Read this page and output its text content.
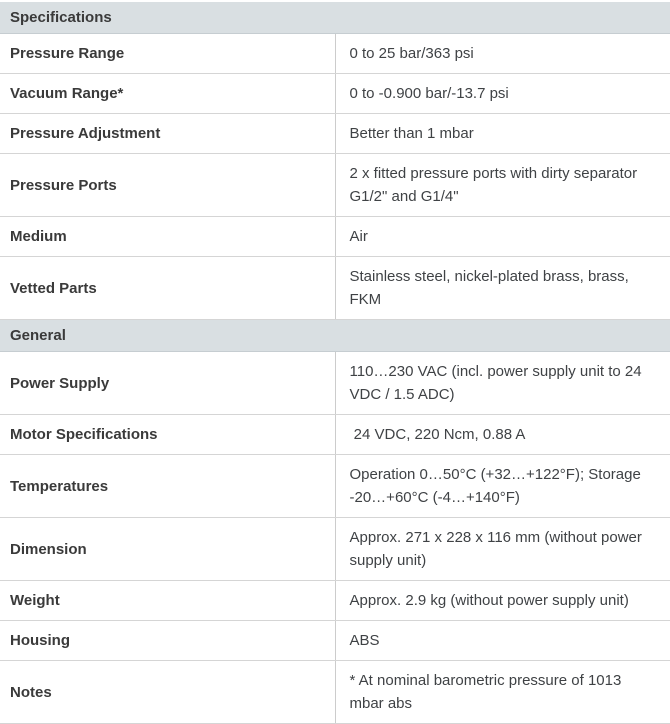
Specifications	
Pressure Range	0 to 25 bar/363 psi
Vacuum Range*	0 to -0.900 bar/-13.7 psi
Pressure Adjustment	Better than 1 mbar
Pressure Ports	2 x fitted pressure ports with dirty separator  G1/2" and G1/4"
Medium	Air
Vetted Parts	Stainless steel, nickel-plated brass, brass, FKM
General	
Power Supply	110…230 VAC (incl. power supply unit to 24 VDC / 1.5 ADC)
Motor Specifications	24 VDC, 220 Ncm, 0.88 A
Temperatures	Operation 0…50°C (+32…+122°F); Storage -20…+60°C (-4…+140°F)
Dimension	Approx. 271 x 228 x 116 mm (without power supply unit)
Weight	Approx. 2.9 kg (without power supply unit)
Housing	ABS
Notes	* At nominal barometric pressure of 1013 mbar abs
